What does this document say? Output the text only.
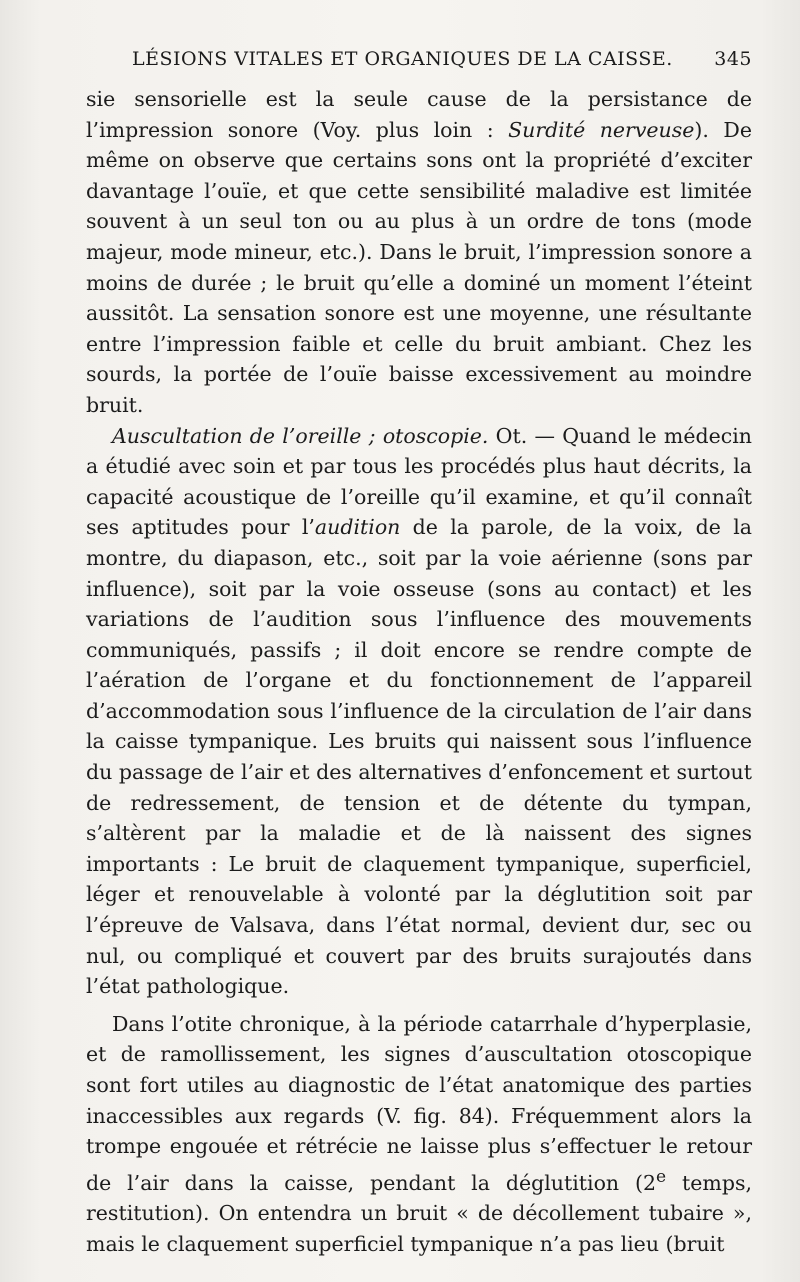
LÉSIONS VITALES ET ORGANIQUES DE LA CAISSE. 345

sie sensorielle est la seule cause de la persistance de l’impression sonore (Voy. plus loin : Surdité nerveuse). De même on observe que certains sons ont la propriété d’exciter davantage l’ouïe, et que cette sensibilité maladive est limitée souvent à un seul ton ou au plus à un ordre de tons (mode majeur, mode mineur, etc.). Dans le bruit, l’impression sonore a moins de durée ; le bruit qu’elle a dominé un moment l’éteint aussitôt. La sensation sonore est une moyenne, une résultante entre l’impression faible et celle du bruit ambiant. Chez les sourds, la portée de l’ouïe baisse excessivement au moindre bruit.

Auscultation de l’oreille ; otoscopie. Ot. — Quand le médecin a étudié avec soin et par tous les procédés plus haut décrits, la capacité acoustique de l’oreille qu’il examine, et qu’il connaît ses aptitudes pour l’audition de la parole, de la voix, de la montre, du diapason, etc., soit par la voie aérienne (sons par influence), soit par la voie osseuse (sons au contact) et les variations de l’audition sous l’influence des mouvements communiqués, passifs ; il doit encore se rendre compte de l’aération de l’organe et du fonctionnement de l’appareil d’accommodation sous l’influence de la circulation de l’air dans la caisse tympanique. Les bruits qui naissent sous l’influence du passage de l’air et des alternatives d’enfoncement et surtout de redressement, de tension et de détente du tympan, s’altèrent par la maladie et de là naissent des signes importants : Le bruit de claquement tympanique, superficiel, léger et renouvelable à volonté par la déglutition soit par l’épreuve de Valsava, dans l’état normal, devient dur, sec ou nul, ou compliqué et couvert par des bruits surajoutés dans l’état pathologique.

Dans l’otite chronique, à la période catarrhale d’hyperplasie, et de ramollissement, les signes d’auscultation otoscopique sont fort utiles au diagnostic de l’état anatomique des parties inaccessibles aux regards (V. fig. 84). Fréquemment alors la trompe engouée et rétrécie ne laisse plus s’effectuer le retour de l’air dans la caisse, pendant la déglutition (2e temps, restitution). On entendra un bruit « de décollement tubaire », mais le claquement superficiel tympanique n’a pas lieu (bruit
